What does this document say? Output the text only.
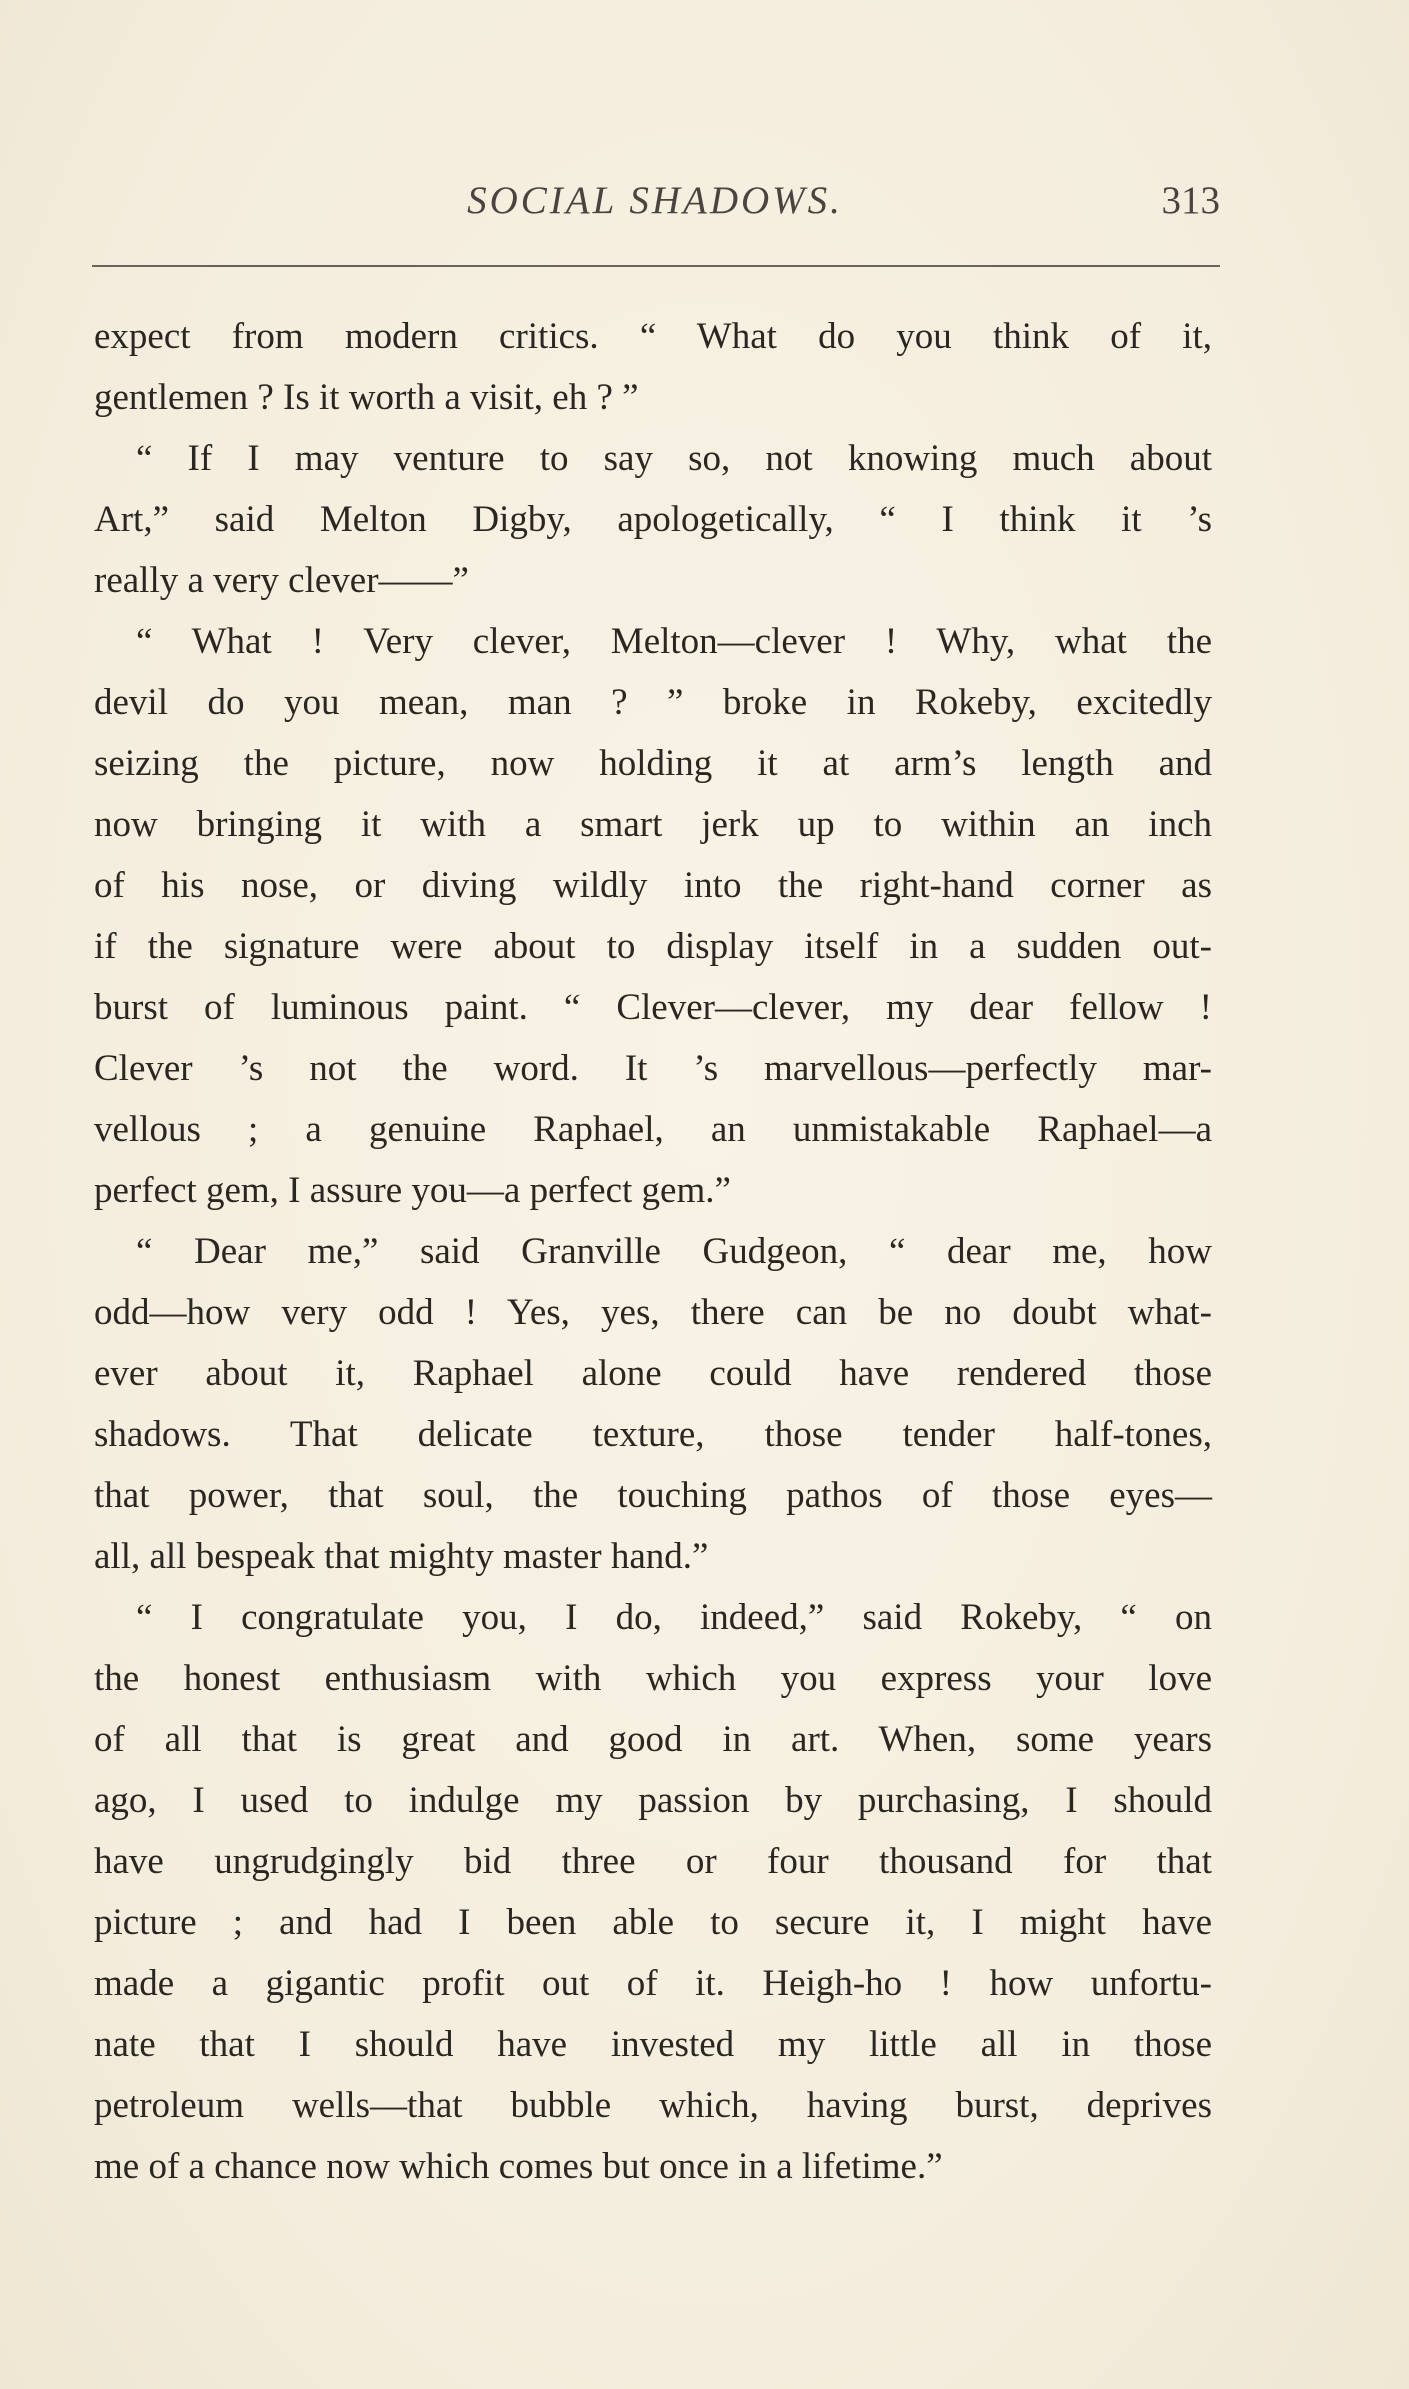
SOCIAL SHADOWS.	313
expect from modern critics. “ What do you think of it,
gentlemen ? Is it worth a visit, eh ? ”
“ If I may venture to say so, not knowing much about
Art,” said Melton Digby, apologetically, “ I think it ’s
really a very clever——”
“ What ! Very clever, Melton—clever ! Why, what the
devil do you mean, man ? ” broke in Rokeby, excitedly
seizing the picture, now holding it at arm’s length and
now bringing it with a smart jerk up to within an inch
of his nose, or diving wildly into the right-hand corner as
if the signature were about to display itself in a sudden out-
burst of luminous paint. “ Clever—clever, my dear fellow !
Clever ’s not the word. It ’s marvellous—perfectly mar-
vellous ; a genuine Raphael, an unmistakable Raphael—a
perfect gem, I assure you—a perfect gem.”
“ Dear me,” said Granville Gudgeon, “ dear me, how
odd—how very odd ! Yes, yes, there can be no doubt what-
ever about it, Raphael alone could have rendered those
shadows. That delicate texture, those tender half-tones,
that power, that soul, the touching pathos of those eyes—
all, all bespeak that mighty master hand.”
“ I congratulate you, I do, indeed,” said Rokeby, “ on
the honest enthusiasm with which you express your love
of all that is great and good in art. When, some years
ago, I used to indulge my passion by purchasing, I should
have ungrudgingly bid three or four thousand for that
picture ; and had I been able to secure it, I might have
made a gigantic profit out of it. Heigh-ho ! how unfortu-
nate that I should have invested my little all in those
petroleum wells—that bubble which, having burst, deprives
me of a chance now which comes but once in a lifetime.”
